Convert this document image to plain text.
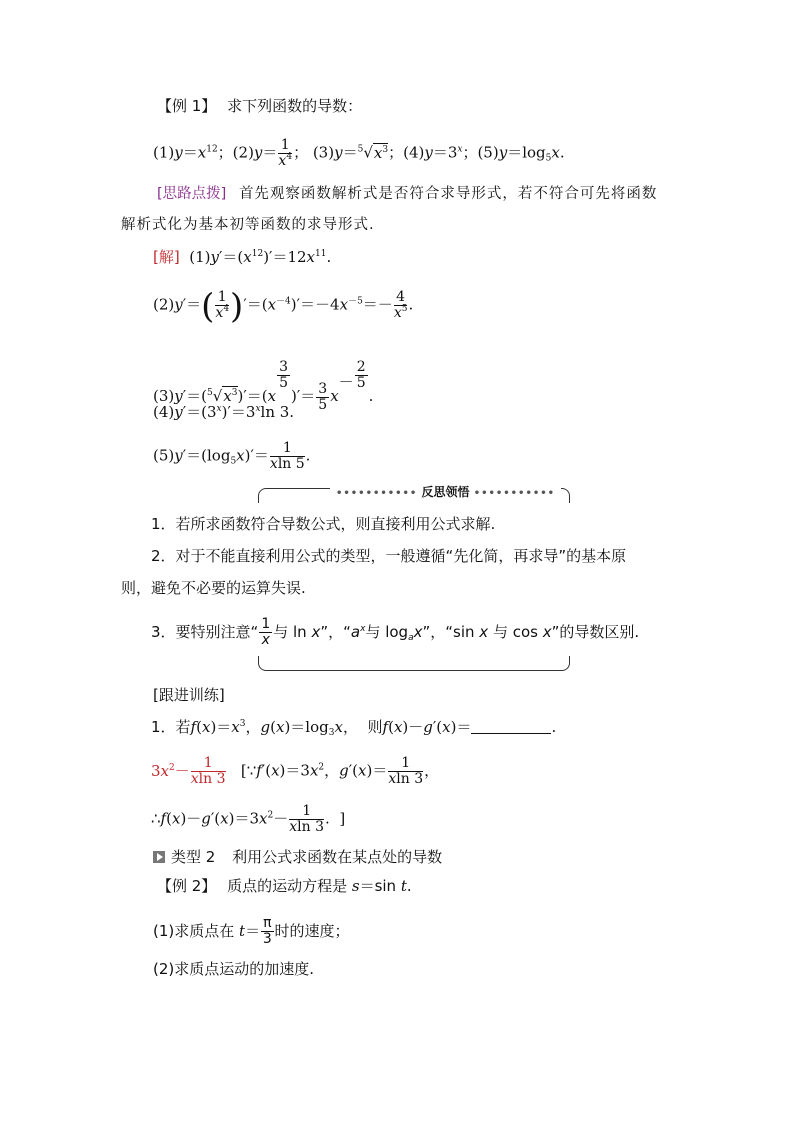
【例 1】 求下列函数的导数：
$(1)y=x^{12}$；$(2)y= \frac{1}{x^4}$ ； $(3)y=^5√x^3$；$(4)y=3^x$；$(5)y=\log_5x$.
[思路点拨] 首先观察函数解析式是否符合求导形式，若不符合可先将函数
解析式化为基本初等函数的求导形式.
[解]  $(1)y'=(x^{12})'=12x^{11}$.
$(2)y'=( \frac{1}{x^4} )'=(x^{-4})'=-4x^{-5}=- \frac{4}{x^5}$ .
$(3)y'=(^5√x^3)'=(x$
$\frac{3}{5}$
)′＝ $\frac{3}{5} x- \frac{2}{5}$
.
$(4)y'=(3^x)'=3^x\ln$ 3.
$(5)y'=(\log_5x)'= \frac{1}{xln 5}$ .
••••••••••• 反思领悟 •••••••••••
1．若所求函数符合导数公式，则直接利用公式求解.
2．对于不能直接利用公式的类型，一般遵循“先化简，再求导”的基本原
则，避免不必要的运算失误.
3．要特别注意“ $\frac{1}{x}$ 与 ln x”，“$a^x$与 $\log_ax$”，“sin x 与 cos x”的导数区别.
[跟进训练]
1．若$f(x)=x^3$，$g(x)=\log_3x$，  则f(x)－g′(x)＝	.
$3x^2- \frac{1}{xln 3}$ [$\because f'(x)=3x^2$，$g'(x)= \frac{1}{xln 3}$ ，
$\therefore f(x)-g'(x)=3x^2- \frac{1}{xln 3}$ .  ]
类型 2 利用公式求函数在某点处的导数
【例 2】 质点的运动方程是 s＝sin t.
(1)求质点在 $t= \frac{\pi}{3}$ 时的速度；
(2)求质点运动的加速度.
